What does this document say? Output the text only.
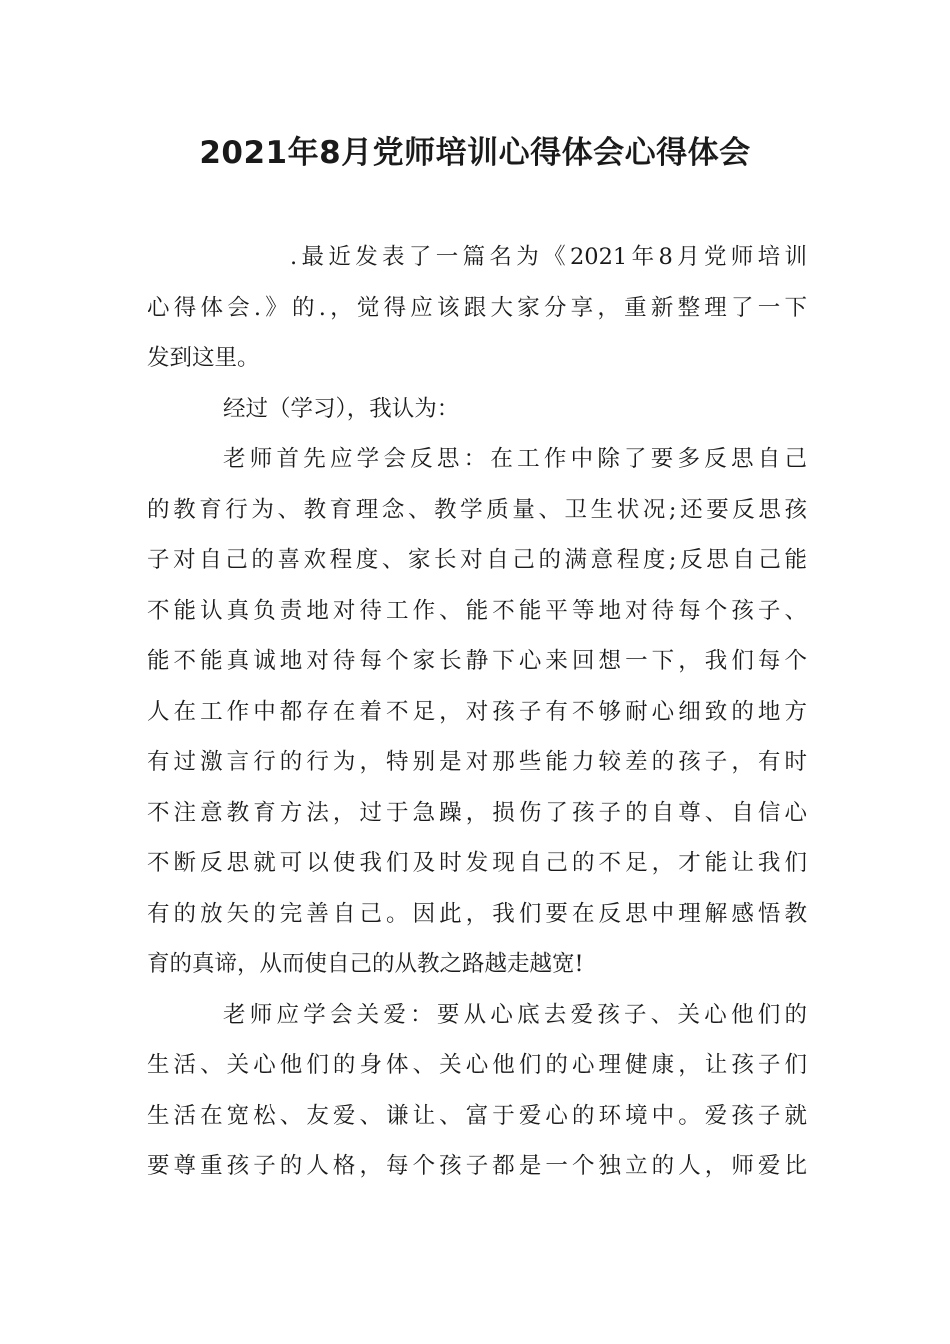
2021年8月党师培训心得体会心得体会
.最近发表了一篇名为《2021年8月党师培训
心得体会.》的.，觉得应该跟大家分享，重新整理了一下
发到这里。
经过（学习），我认为：
老师首先应学会反思：在工作中除了要多反思自己
的教育行为、教育理念、教学质量、卫生状况;还要反思孩
子对自己的喜欢程度、家长对自己的满意程度;反思自己能
不能认真负责地对待工作、能不能平等地对待每个孩子、
能不能真诚地对待每个家长静下心来回想一下，我们每个
人在工作中都存在着不足，对孩子有不够耐心细致的地方
有过激言行的行为，特别是对那些能力较差的孩子，有时
不注意教育方法，过于急躁，损伤了孩子的自尊、自信心
不断反思就可以使我们及时发现自己的不足，才能让我们
有的放矢的完善自己。因此，我们要在反思中理解感悟教
育的真谛，从而使自己的从教之路越走越宽!
老师应学会关爱：要从心底去爱孩子、关心他们的
生活、关心他们的身体、关心他们的心理健康，让孩子们
生活在宽松、友爱、谦让、富于爱心的环境中。爱孩子就
要尊重孩子的人格，每个孩子都是一个独立的人，师爱比
